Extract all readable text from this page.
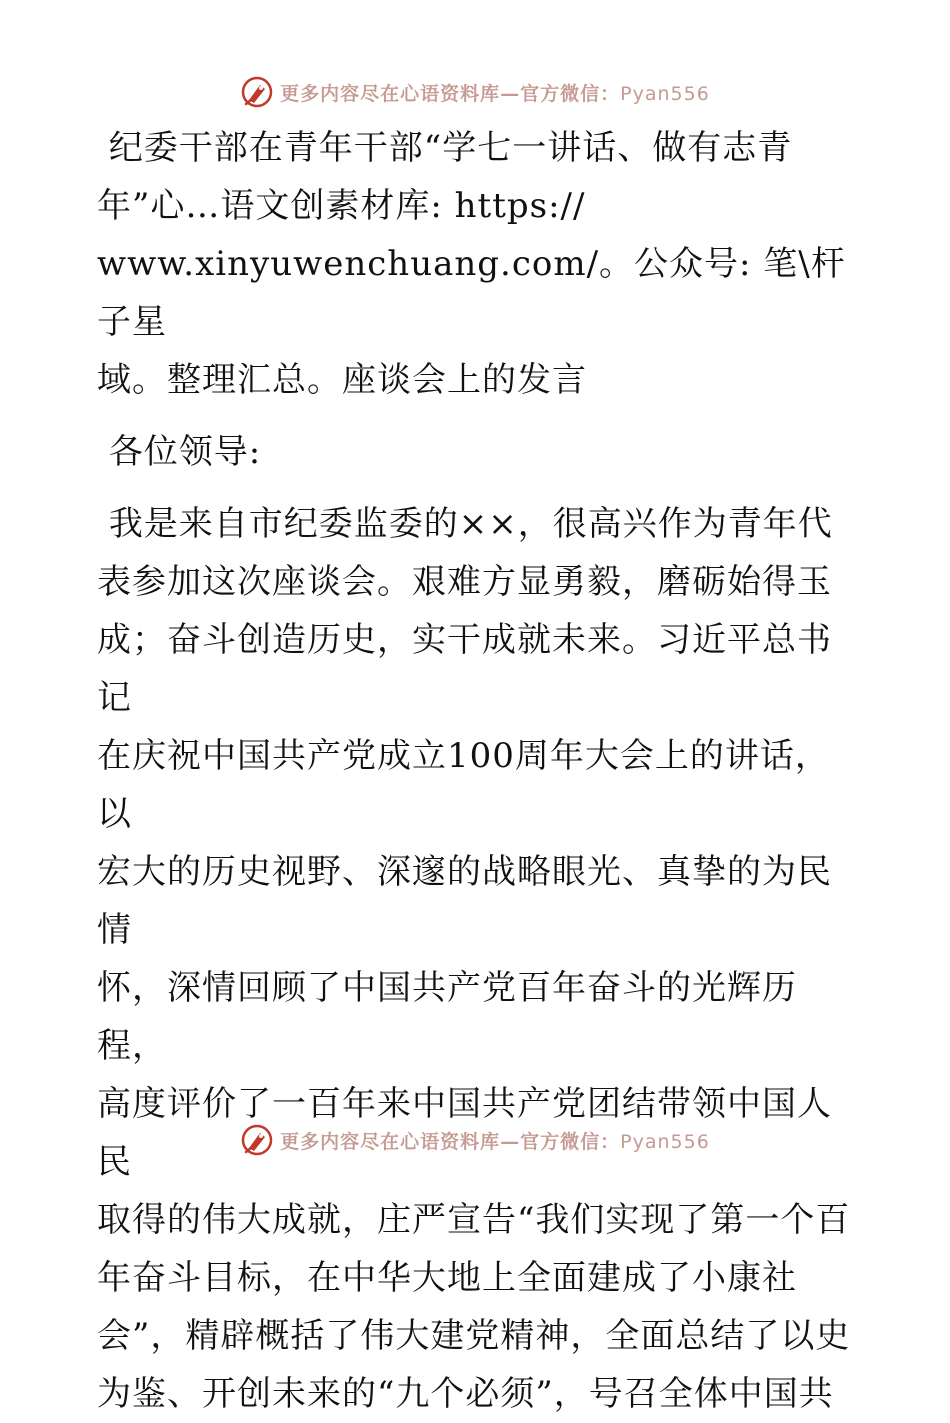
更多内容尽在心语资料库—官方微信：Pyan556

纪委干部在青年干部“学七一讲话、做有志青

年”心…语文创素材库: https://

www.xinyuwenchuang.com/。公众号: 笔\杆子星

域。整理汇总。座谈会上的发言

各位领导:

我是来自市纪委监委的××，很高兴作为青年代

表参加这次座谈会。艰难方显勇毅，磨砺始得玉

成；奋斗创造历史，实干成就未来。习近平总书记

在庆祝中国共产党成立100周年大会上的讲话，以

宏大的历史视野、深邃的战略眼光、真挚的为民情

怀，深情回顾了中国共产党百年奋斗的光辉历程，

高度评价了一百年来中国共产党团结带领中国人民

取得的伟大成就，庄严宣告“我们实现了第一个百

年奋斗目标，在中华大地上全面建成了小康社

会”，精辟概括了伟大建党精神，全面总结了以史

为鉴、开创未来的“九个必须”，号召全体中国共

更多内容尽在心语资料库—官方微信：Pyan556
